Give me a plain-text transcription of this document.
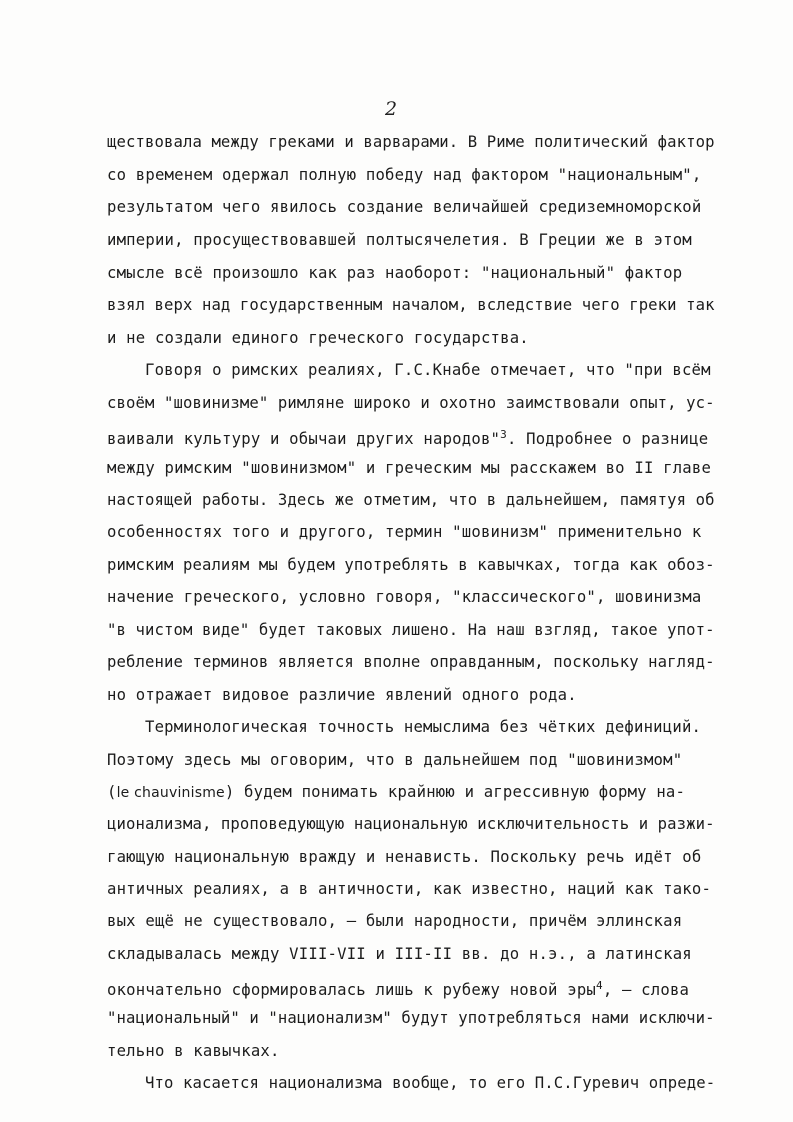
2
ществовала между греками и варварами. В Риме политический фактор
со временем одержал полную победу над фактором "национальным",
результатом чего явилось создание величайшей средиземноморской
империи, просуществовавшей полтысячелетия. В Греции же в этом
смысле всё произошло как раз наоборот: "национальный" фактор
взял верх над государственным началом, вследствие чего греки так
и не создали единого греческого государства.
Говоря о римских реалиях, Г.С.Кнабе отмечает, что "при всём
своём "шовинизме" римляне широко и охотно заимствовали опыт, ус-
ваивали культуру и обычаи других народов"$^3$. Подробнее о разнице
между римским "шовинизмом" и греческим мы расскажем во II главе
настоящей работы. Здесь же отметим, что в дальнейшем, памятуя об
особенностях того и другого, термин "шовинизм" применительно к
римским реалиям мы будем употреблять в кавычках, тогда как обоз-
начение греческого, условно говоря, "классического", шовинизма
"в чистом виде" будет таковых лишено. На наш взгляд, такое упот-
ребление терминов является вполне оправданным, поскольку нагляд-
но отражает видовое различие явлений одного рода.
Терминологическая точность немыслима без чётких дефиниций.
Поэтому здесь мы оговорим, что в дальнейшем под "шовинизмом"
(le chauvinisme) будем понимать крайнюю и агрессивную форму на-
ционализма, проповедующую национальную исключительность и разжи-
гающую национальную вражду и ненависть. Поскольку речь идёт об
античных реалиях, а в античности, как известно, наций как тако-
вых ещё не существовало, — были народности, причём эллинская
складывалась между VIII-VII и III-II вв. до н.э., а латинская
окончательно сформировалась лишь к рубежу новой эры$^4$, — слова
"национальный" и "национализм" будут употребляться нами исключи-
тельно в кавычках.
Что касается национализма вообще, то его П.С.Гуревич опреде-
